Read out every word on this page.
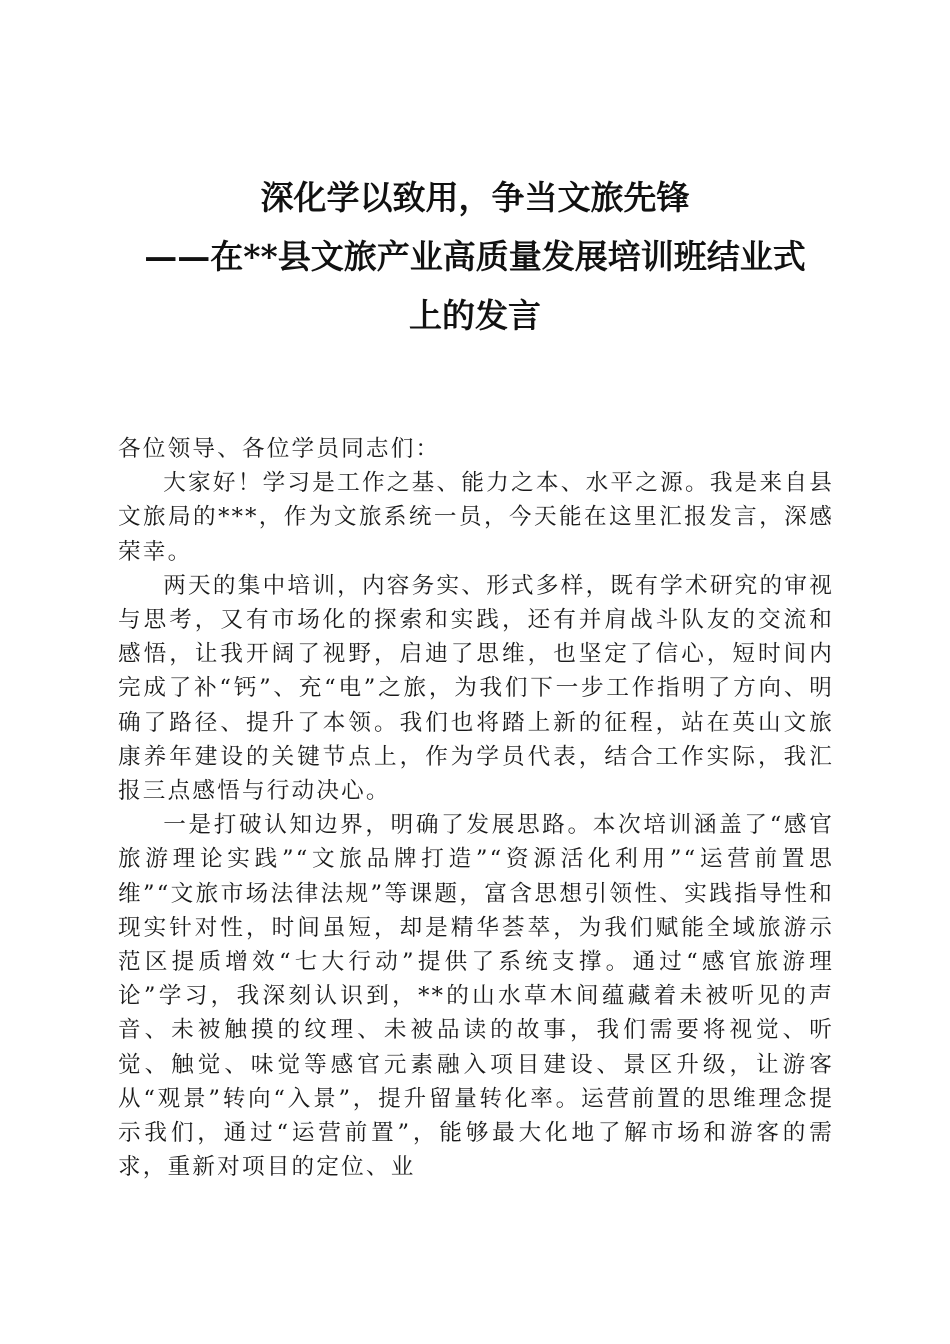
深化学以致用，争当文旅先锋
——在**县文旅产业高质量发展培训班结业式
上的发言

各位领导、各位学员同志们：

大家好！学习是工作之基、能力之本、水平之源。我是来自县文旅局的***，作为文旅系统一员，今天能在这里汇报发言，深感荣幸。

两天的集中培训，内容务实、形式多样，既有学术研究的审视与思考，又有市场化的探索和实践，还有并肩战斗队友的交流和感悟，让我开阔了视野，启迪了思维，也坚定了信心，短时间内完成了补“钙”、充“电”之旅，为我们下一步工作指明了方向、明确了路径、提升了本领。我们也将踏上新的征程，站在英山文旅康养年建设的关键节点上，作为学员代表，结合工作实际，我汇报三点感悟与行动决心。

一是打破认知边界，明确了发展思路。本次培训涵盖了“感官旅游理论实践”“文旅品牌打造”“资源活化利用”“运营前置思维”“文旅市场法律法规”等课题，富含思想引领性、实践指导性和现实针对性，时间虽短，却是精华荟萃，为我们赋能全域旅游示范区提质增效“七大行动”提供了系统支撑。通过“感官旅游理论”学习，我深刻认识到，**的山水草木间蕴藏着未被听见的声音、未被触摸的纹理、未被品读的故事，我们需要将视觉、听觉、触觉、味觉等感官元素融入项目建设、景区升级，让游客从“观景”转向“入景”，提升留量转化率。运营前置的思维理念提示我们，通过“运营前置”，能够最大化地了解市场和游客的需求，重新对项目的定位、业
